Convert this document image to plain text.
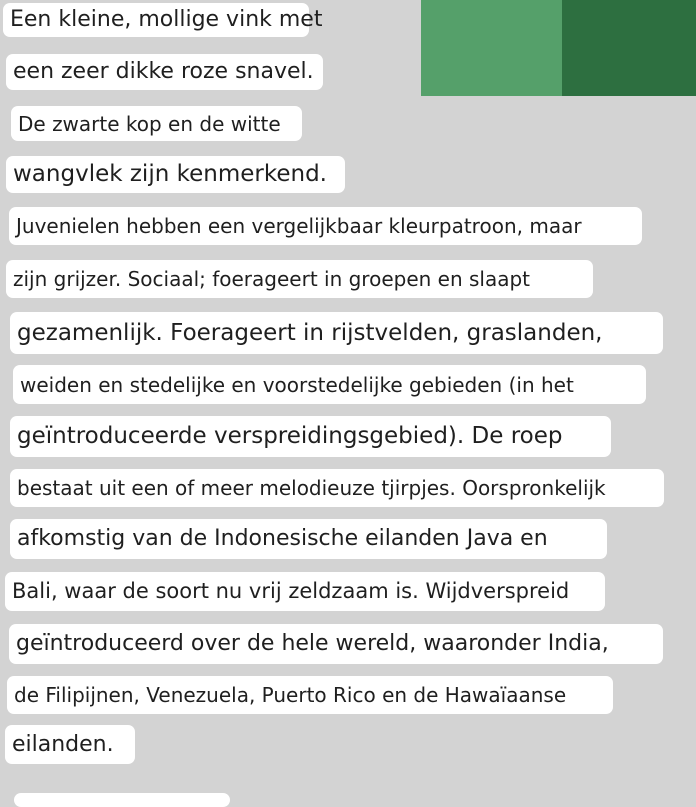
Een kleine, mollige vink met
een zeer dikke roze snavel.
De zwarte kop en de witte
wangvlek zijn kenmerkend.
Juvenielen hebben een vergelijkbaar kleurpatroon, maar
zijn grijzer. Sociaal; foerageert in groepen en slaapt
gezamenlijk. Foerageert in rijstvelden, graslanden,
weiden en stedelijke en voorstedelijke gebieden (in het
geïntroduceerde verspreidingsgebied). De roep
bestaat uit een of meer melodieuze tjirpjes. Oorspronkelijk
afkomstig van de Indonesische eilanden Java en
Bali, waar de soort nu vrij zeldzaam is. Wijdverspreid
geïntroduceerd over de hele wereld, waaronder India,
de Filipijnen, Venezuela, Puerto Rico en de Hawaïaanse
eilanden.
